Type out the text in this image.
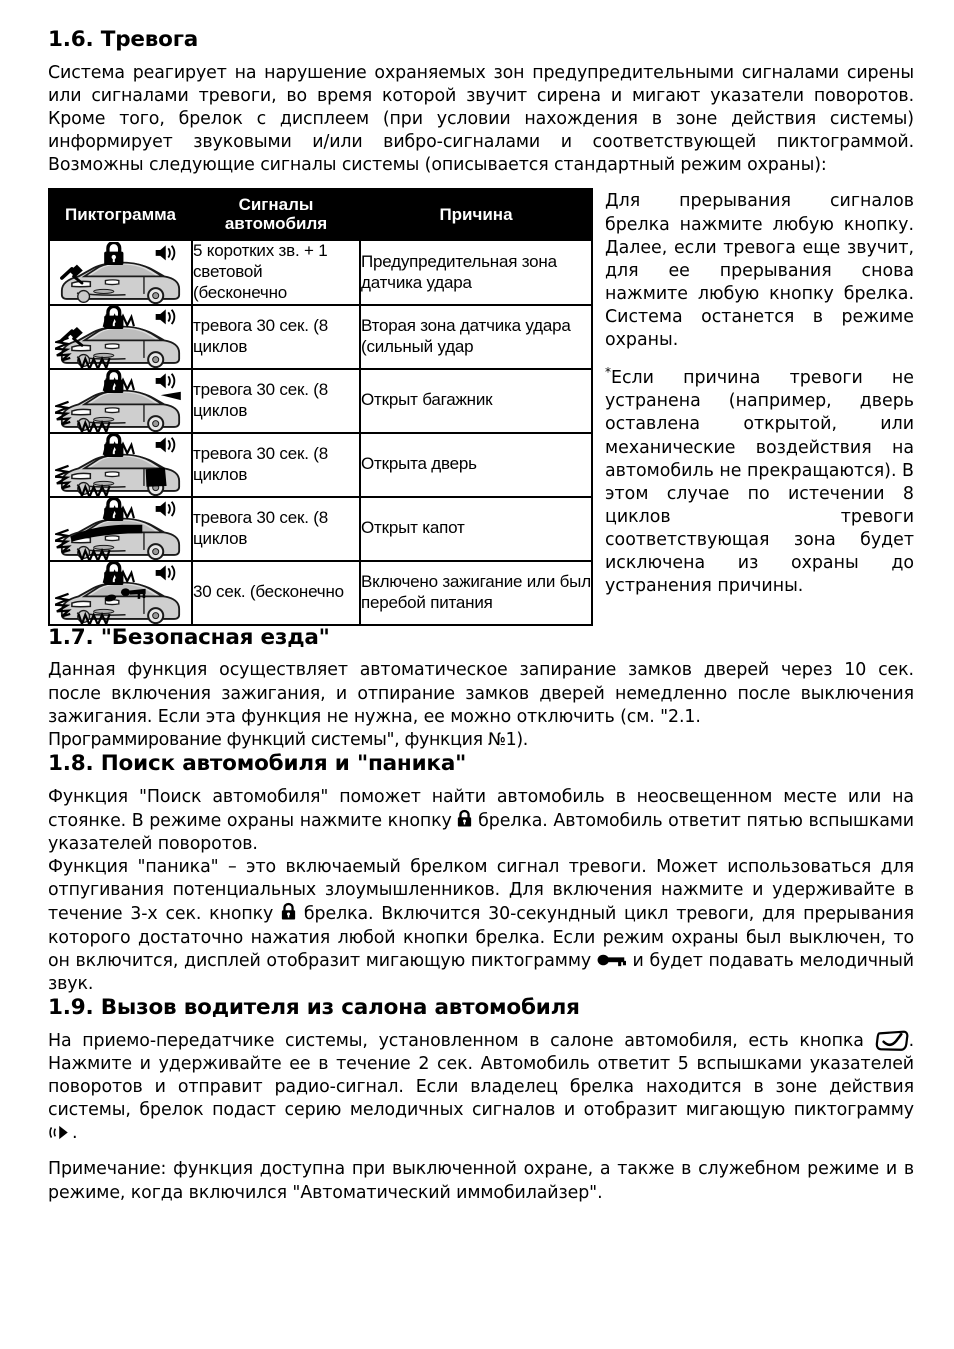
1.6. Тревога

Система реагирует на нарушение охраняемых зон предупредительными сигналами сирены или сигналами тревоги, во время которой звучит сирена и мигают указатели поворотов. Кроме того, брелок с дисплеем (при условии нахождения в зоне действия системы) информирует звуковыми и/или вибро-сигналами и соответствующей пиктограммой. Возможны следующие сигналы системы (описывается стандартный режим охраны):

Пиктограмма	Сигналы автомобиля	Причина

	5 коротких зв. + 1 световой (бесконечно	Предупредительная зона датчика удара

	тревога 30 сек. (8 циклов	Вторая зона датчика удара (сильный удар

	тревога 30 сек. (8 циклов	Открыт багажник

	тревога 30 сек. (8 циклов	Открыта дверь

	тревога 30 сек. (8 циклов	Открыт капот

	30 сек. (бесконечно	Включено зажигание или был перебой питания

Для прерывания сигналов брелка нажмите любую кнопку. Далее, если тревога еще звучит, для ее прерывания снова нажмите любую кнопку брелка. Система останется в режиме охраны.

*Если причина тревоги не устранена (например, дверь оставлена открытой, или механические воздействия на автомобиль не прекращаются). В этом случае по истечении 8 циклов тревоги соответствующая зона будет исключена из охраны до устранения причины.

1.7. "Безопасная езда"

Данная функция осуществляет автоматическое запирание замков дверей через 10 сек. после включения зажигания, и отпирание замков дверей немедленно после выключения зажигания. Если эта функция не нужна, ее можно отключить (см. "2.1.

Программирование функций системы", функция №1).

1.8. Поиск автомобиля и "паника"

Функция "Поиск автомобиля" поможет найти автомобиль в неосвещенном месте или на стоянке. В режиме охраны нажмите кнопку брелка. Автомобиль ответит пятью вспышками указателей поворотов.

Функция "паника" – это включаемый брелком сигнал тревоги. Может использоваться для отпугивания потенциальных злоумышленников. Для включения нажмите и удерживайте в течение 3-х сек. кнопку брелка. Включится 30-секундный цикл тревоги, для прерывания которого достаточно нажатия любой кнопки брелка. Если режим охраны был выключен, то он включится, дисплей отобразит мигающую пиктограмму и будет подавать мелодичный звук.

1.9. Вызов водителя из салона автомобиля

На приемо-передатчике системы, установленном в салоне автомобиля, есть кнопка	. Нажмите и удерживайте ее в течение 2 сек. Автомобиль ответит 5 вспышками указателей поворотов и отправит радио-сигнал. Если владелец брелка находится в зоне действия системы, брелок подаст серию мелодичных сигналов и отобразит мигающую пиктограмму .

Примечание: функция доступна при выключенной охране, а также в служебном режиме и в режиме, когда включился "Автоматический иммобилайзер".
